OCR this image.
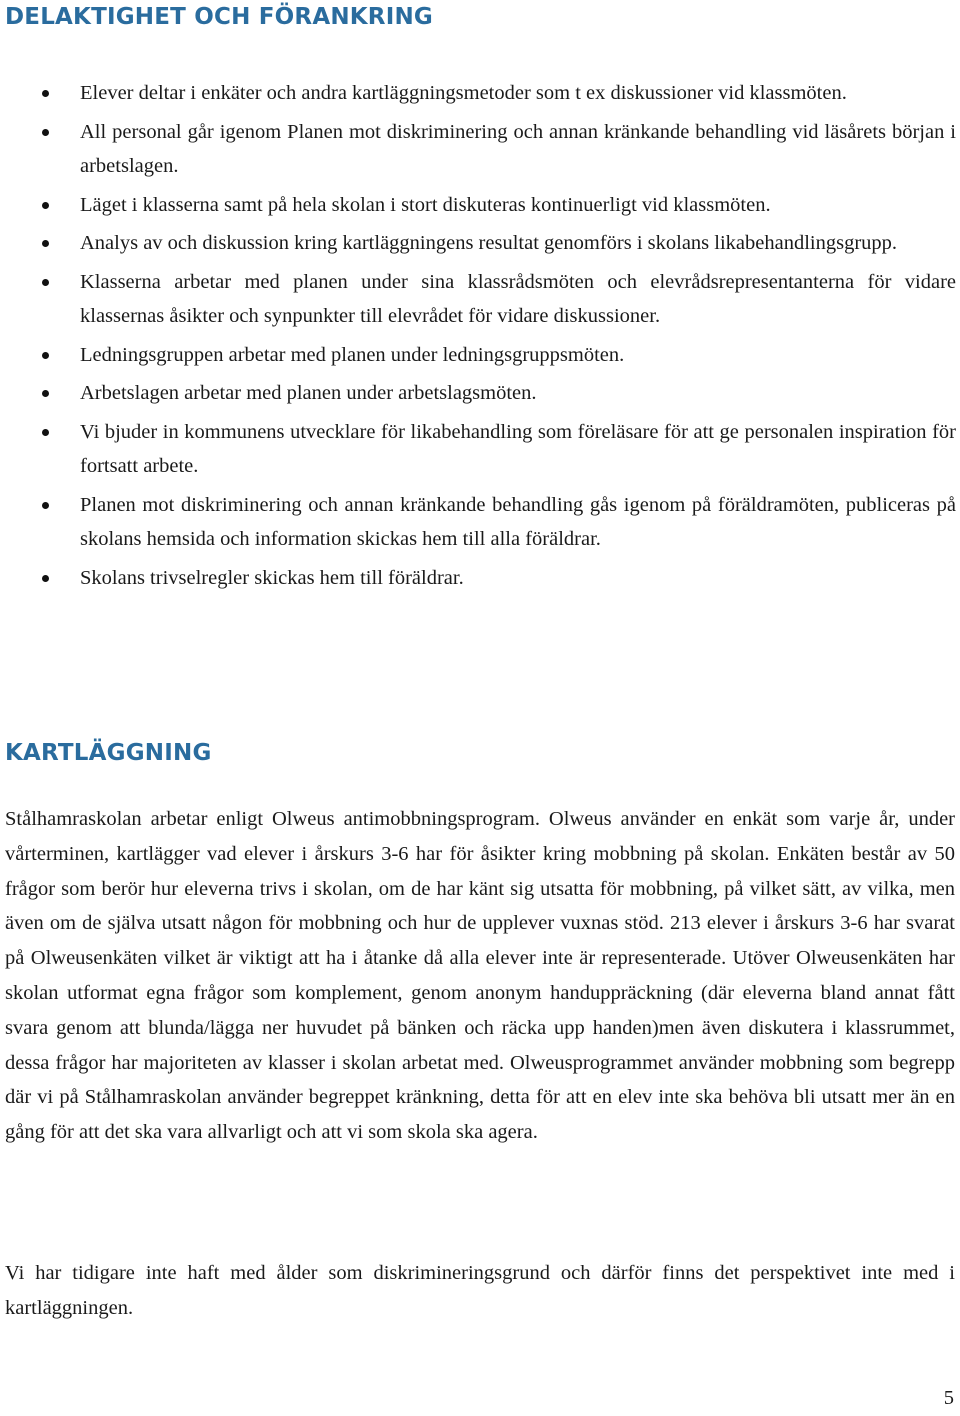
DELAKTIGHET OCH FÖRANKRING
Elever deltar i enkäter och andra kartläggningsmetoder som t ex diskussioner vid klassmöten.
All personal går igenom Planen mot diskriminering och annan kränkande behandling vid läsårets början i arbetslagen.
Läget i klasserna samt på hela skolan i stort diskuteras kontinuerligt vid klassmöten.
Analys av och diskussion kring kartläggningens resultat genomförs i skolans likabehandlingsgrupp.
Klasserna arbetar med planen under sina klassrådsmöten och elevrådsrepresentanterna för vidare klassernas åsikter och synpunkter till elevrådet för vidare diskussioner.
Ledningsgruppen arbetar med planen under ledningsgruppsmöten.
Arbetslagen arbetar med planen under arbetslagsmöten.
Vi bjuder in kommunens utvecklare för likabehandling som föreläsare för att ge personalen inspiration för fortsatt arbete.
Planen mot diskriminering och annan kränkande behandling gås igenom på föräldramöten, publiceras på skolans hemsida och information skickas hem till alla föräldrar.
Skolans trivselregler skickas hem till föräldrar.
KARTLÄGGNING

Stålhamraskolan arbetar enligt Olweus antimobbningsprogram. Olweus använder en enkät som varje år, under vårterminen, kartlägger vad elever i årskurs 3-6 har för åsikter kring mobbning på skolan. Enkäten består av 50 frågor som berör hur eleverna trivs i skolan, om de har känt sig utsatta för mobbning, på vilket sätt, av vilka, men även om de själva utsatt någon för mobbning och hur de upplever vuxnas stöd. 213 elever i årskurs 3-6 har svarat på Olweusenkäten vilket är viktigt att ha i åtanke då alla elever inte är representerade. Utöver Olweusenkäten har skolan utformat egna frågor som komplement, genom anonym handuppräckning (där eleverna bland annat fått svara genom att blunda/lägga ner huvudet på bänken och räcka upp handen)men även diskutera i klassrummet, dessa frågor har majoriteten av klasser i skolan arbetat med. Olweusprogrammet använder mobbning som begrepp där vi på Stålhamraskolan använder begreppet kränkning, detta för att en elev inte ska behöva bli utsatt mer än en gång för att det ska vara allvarligt och att vi som skola ska agera.

Vi har tidigare inte haft med ålder som diskrimineringsgrund och därför finns det perspektivet inte med i kartläggningen.

5
